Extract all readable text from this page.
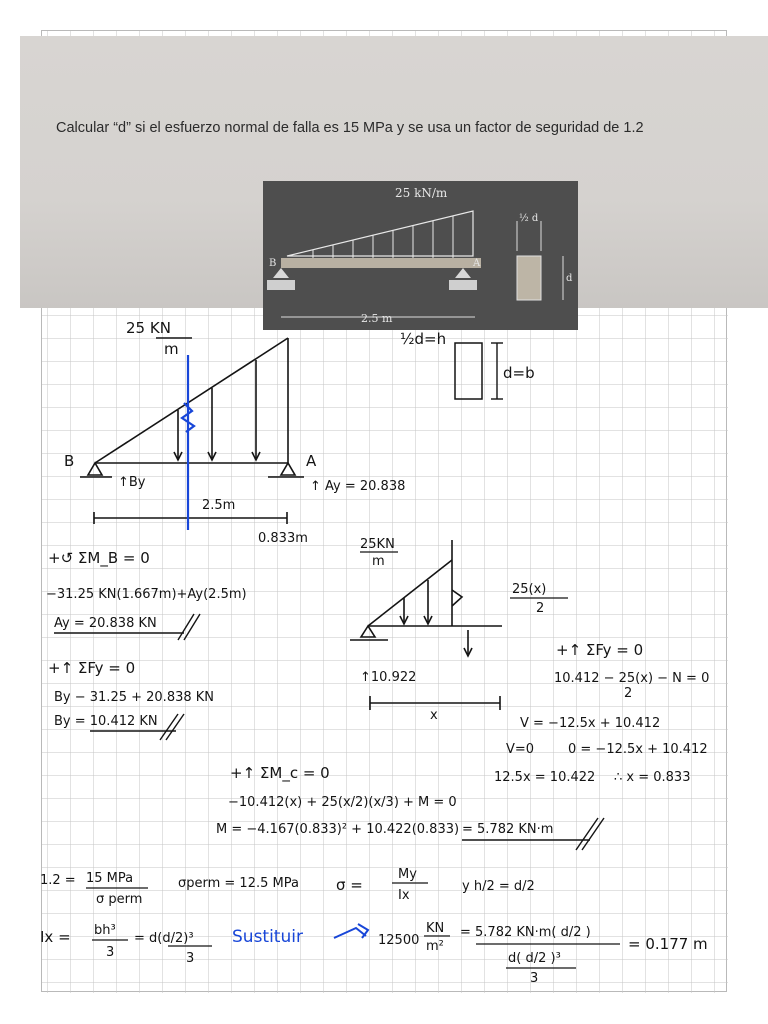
Calcular “d” si el esfuerzo normal de falla es 15 MPa y se usa un factor de seguridad de 1.2
25 kN/m
B	A
2.5 m
½ d
d
25 KN
m
B	A
↑By	↑ Ay = 20.838
2.5m
0.833m
½d=h
d=b
+↺ ΣM_B = 0
−31.25 KN(1.667m)+Ay(2.5m)
Ay = 20.838 KN
+↑ ΣFy = 0
By − 31.25 + 20.838 KN
By = 10.412 KN
25KN
m
25(x)
2
↑10.922
x
+↑ ΣFy = 0
10.412 − 25(x) − N = 0
2
V = −12.5x + 10.412
V=0	0 = −12.5x + 10.412
12.5x = 10.422 ∴ x = 0.833
+↑ ΣM_c = 0
−10.412(x) + 25(x/2)(x/3) + M = 0
M = −4.167(0.833)² + 10.422(0.833) = 5.782 KN·m
1.2 = 15 MPa
σ perm
σperm = 12.5 MPa σ =
My
Ix
y h/2 = d/2
Ix = bh³
3
= d(d/2)³
3
Sustituir	12500
KN
m²
= 5.782 KN·m( d/2 )
d( d/2 )³
3
= 0.177 m
